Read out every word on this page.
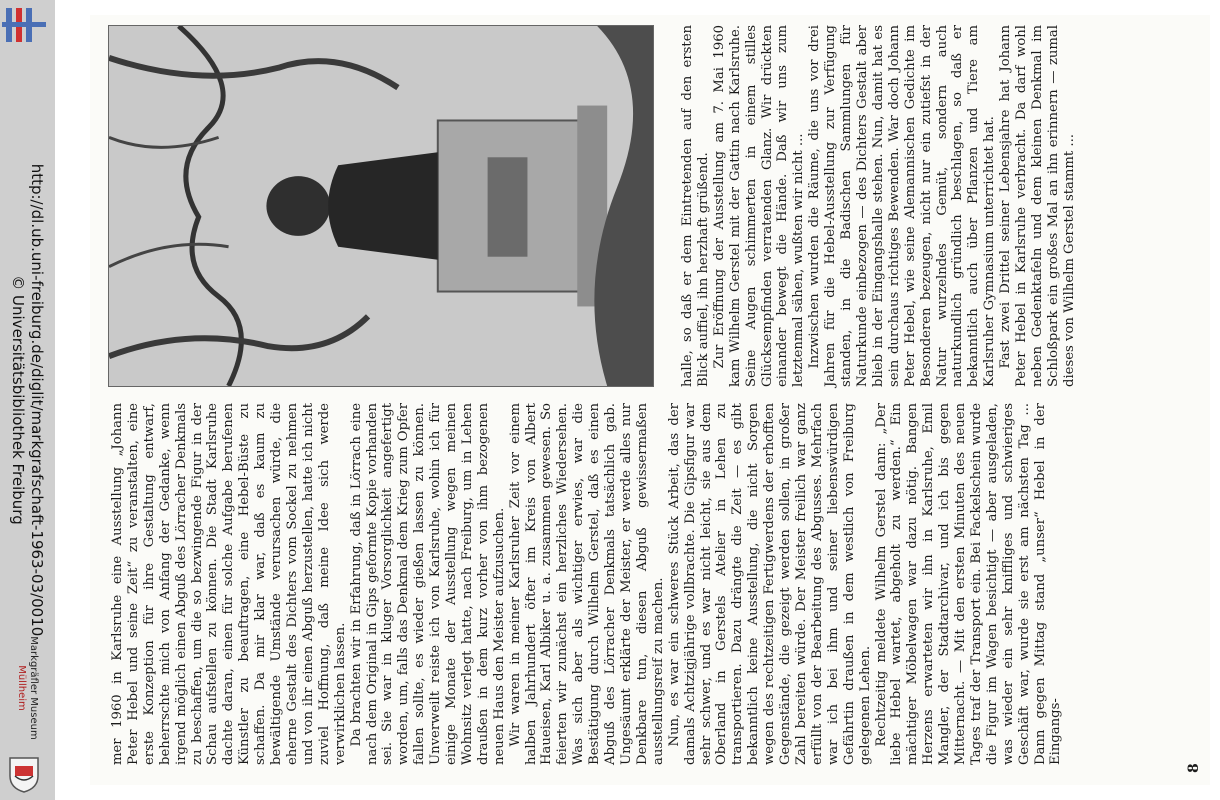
http://dl.ub.uni-freiburg.de/diglit/markgrafschaft-1963-03/0010
© Universitätsbibliothek Freiburg
Markgräfler Museum
Müllheim	mer 1960 in Karlsruhe eine Ausstellung „Johann Peter Hebel und seine Zeit“ zu veranstalten, eine erste Konzeption für ihre Gestaltung entwarf, beherrschte mich von Anfang der Gedanke, wenn irgend möglich einen Abguß des Lörracher Denkmals zu beschaffen, um die so bezwingende Figur in der Schau aufstellen zu können. Die Stadt Karlsruhe dachte daran, einen für solche Aufgabe berufenen Künstler zu beauftragen, eine Hebel-Büste zu schaffen. Da mir klar war, daß es kaum zu bewältigende Umstände verursachen würde, die eherne Gestalt des Dichters vom Sockel zu nehmen und von ihr einen Abguß herzustellen, hatte ich nicht zuviel Hoffnung, daß meine Idee sich werde verwirklichen lassen. Da brachten wir in Erfahrung, daß in Lörrach eine nach dem Original in Gips geformte Kopie vorhanden sei. Sie war in kluger Vorsorglichkeit angefertigt worden, um, falls das Denkmal dem Krieg zum Opfer fallen sollte, es wieder gießen lassen zu können. Unverweilt reiste ich von Karlsruhe, wohin ich für einige Monate der Ausstellung wegen meinen Wohnsitz verlegt hatte, nach Freiburg, um in Lehen draußen in dem kurz vorher von ihm bezogenen neuen Haus den Meister aufzusuchen. Wir waren in meiner Karlsruher Zeit vor einem halben Jahrhundert öfter im Kreis von Albert Haueisen, Karl Albiker u. a. zusammen gewesen. So feierten wir zunächst ein herzliches Wiedersehen. Was sich aber als wichtiger erwies, war die Bestätigung durch Wilhelm Gerstel, daß es einen Abguß des Lörracher Denkmals tatsächlich gab. Ungesäumt erklärte der Meister, er werde alles nur Denkbare tun, diesen Abguß gewissermaßen ausstellungsreif zu machen. Nun, es war ein schweres Stück Arbeit, das der damals Achtzigjährige vollbrachte. Die Gipsfigur war sehr schwer, und es war nicht leicht, sie aus dem Oberland in Gerstels Atelier in Lehen zu transportieren. Dazu drängte die Zeit — es gibt bekanntlich keine Ausstellung, die nicht Sorgen wegen des rechtzeitigen Fertigwerdens der erhofften Gegenstände, die gezeigt werden sollen, in großer Zahl bereiten würde. Der Meister freilich war ganz erfüllt von der Bearbeitung des Abgusses. Mehrfach war ich bei ihm und seiner liebenswürdigen Gefährtin draußen in dem westlich von Freiburg gelegenen Lehen. Rechtzeitig meldete Wilhelm Gerstel dann: „Der liebe Hebel wartet, abgeholt zu werden.“ Ein mächtiger Möbelwagen war dazu nötig. Bangen Herzens erwarteten wir ihn in Karlsruhe, Emil Mangler, der Stadtarchivar, und ich bis gegen Mitternacht. — Mit den ersten Minuten des neuen Tages traf der Transport ein. Bei Fackelschein wurde die Figur im Wagen besichtigt — aber ausgeladen, was wieder ein sehr kniffliges und schwieriges Geschäft war, wurde sie erst am nächsten Tag ... Dann gegen Mittag stand „unser“ Hebel in der Eingangs-

halle, so daß er dem Eintretenden auf den ersten Blick auffiel, ihn herzhaft grüßend. Zur Eröffnung der Ausstellung am 7. Mai 1960 kam Wilhelm Gerstel mit der Gattin nach Karlsruhe. Seine Augen schimmerten in einem stilles Glücksempfinden verratenden Glanz. Wir drückten einander bewegt die Hände. Daß wir uns zum letztenmal sähen, wußten wir nicht ... Inzwischen wurden die Räume, die uns vor drei Jahren für die Hebel-Ausstellung zur Verfügung standen, in die Badischen Sammlungen für Naturkunde einbezogen — des Dichters Gestalt aber blieb in der Eingangshalle stehen. Nun, damit hat es sein durchaus richtiges Bewenden. War doch Johann Peter Hebel, wie seine Alemannischen Gedichte im Besonderen bezeugen, nicht nur ein zutiefst in der Natur wurzelndes Gemüt, sondern auch naturkundlich gründlich beschlagen, so daß er bekanntlich auch über Pflanzen und Tiere am Karlsruher Gymnasium unterrichtet hat. Fast zwei Drittel seiner Lebensjahre hat Johann Peter Hebel in Karlsruhe verbracht. Da darf wohl neben Gedenktafeln und dem kleinen Denkmal im Schloßpark ein großes Mal an ihn erinnern — zumal dieses von Wilhelm Gerstel stammt ...

8
